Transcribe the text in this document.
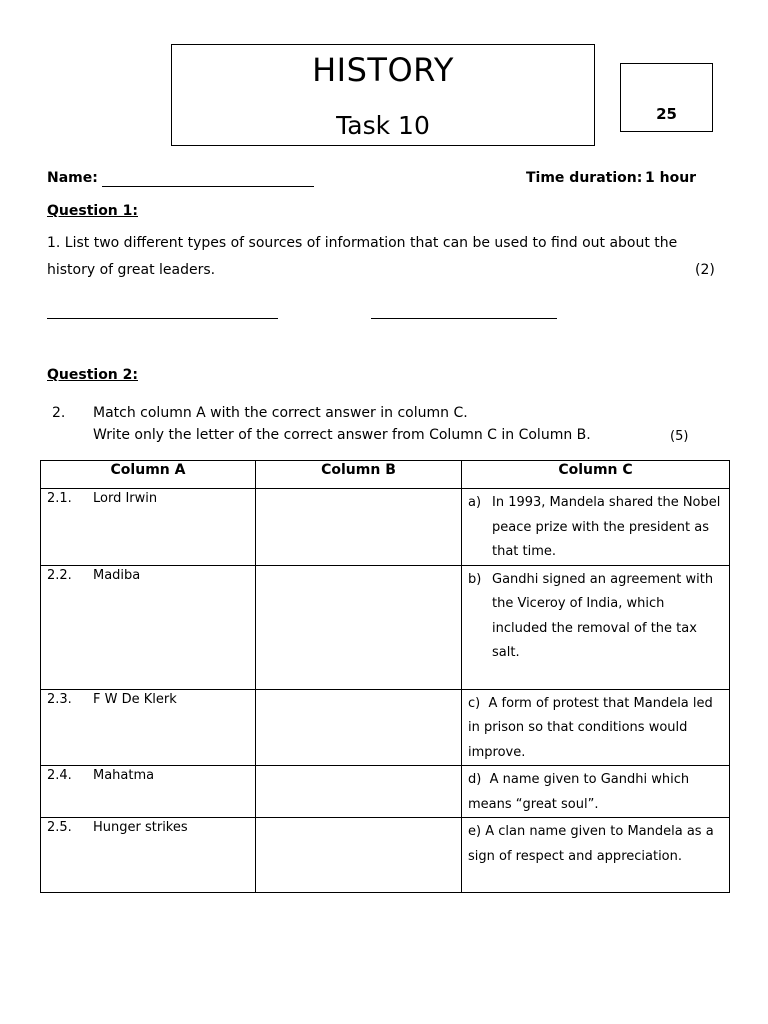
HISTORY
Task 10	25
Name:	Time duration: 1 hour
Question 1:
1. List two different types of sources of information that can be used to find out about the
history of great leaders.	(2)
Question 2:
2. Match column A with the correct answer in column C.
Write only the letter of the correct answer from Column C in Column B.	(5)
Column A	Column B	Column C
2.1. Lord Irwin		a) In 1993, Mandela shared the Nobel peace prize with the president as that time.

2.2. Madiba		b) Gandhi signed an agreement with the Viceroy of India, which included the removal of the tax salt.

2.3. F W De Klerk		c) A form of protest that Mandela led in prison so that conditions would improve.
2.4. Mahatma		d) A name given to Gandhi which means “great soul”.
2.5. Hunger strikes		e) A clan name given to Mandela as a sign of respect and appreciation.
